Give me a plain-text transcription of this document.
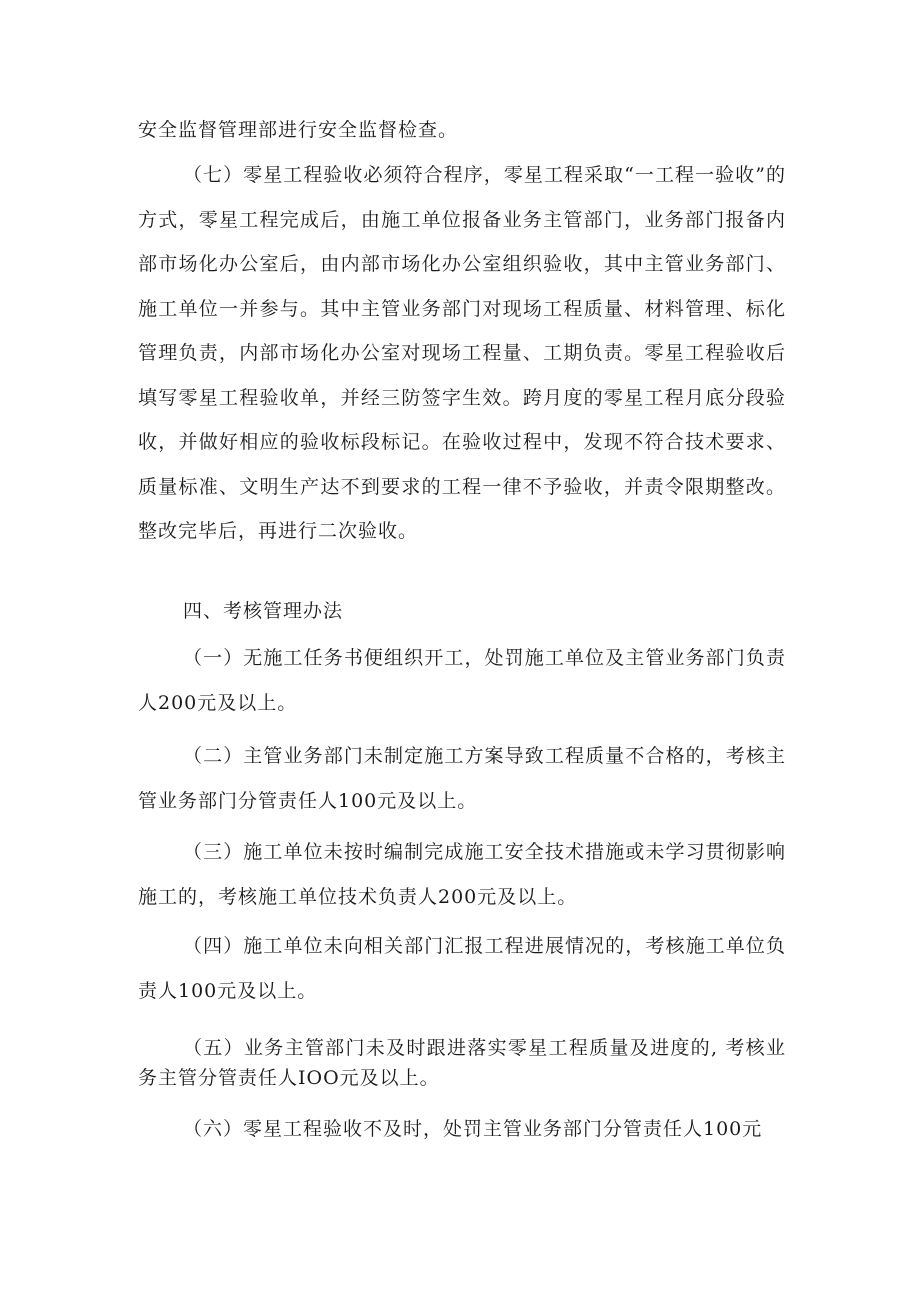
安全监督管理部进行安全监督检查。

（七）零星工程验收必须符合程序，零星工程采取“一工程一验收”的方式，零星工程完成后，由施工单位报备业务主管部门，业务部门报备内部市场化办公室后，由内部市场化办公室组织验收，其中主管业务部门、施工单位一并参与。其中主管业务部门对现场工程质量、材料管理、标化管理负责，内部市场化办公室对现场工程量、工期负责。零星工程验收后填写零星工程验收单，并经三防签字生效。跨月度的零星工程月底分段验收，并做好相应的验收标段标记。在验收过程中，发现不符合技术要求、质量标准、文明生产达不到要求的工程一律不予验收，并责令限期整改。整改完毕后，再进行二次验收。

四、考核管理办法

（一）无施工任务书便组织开工，处罚施工单位及主管业务部门负责人200元及以上。

（二）主管业务部门未制定施工方案导致工程质量不合格的，考核主管业务部门分管责任人100元及以上。

（三）施工单位未按时编制完成施工安全技术措施或未学习贯彻影响施工的，考核施工单位技术负责人200元及以上。

（四）施工单位未向相关部门汇报工程进展情况的，考核施工单位负责人100元及以上。

（五）业务主管部门未及时跟进落实零星工程质量及进度的, 考核业务主管分管责任人IOO元及以上。

（六）零星工程验收不及时，处罚主管业务部门分管责任人100元
